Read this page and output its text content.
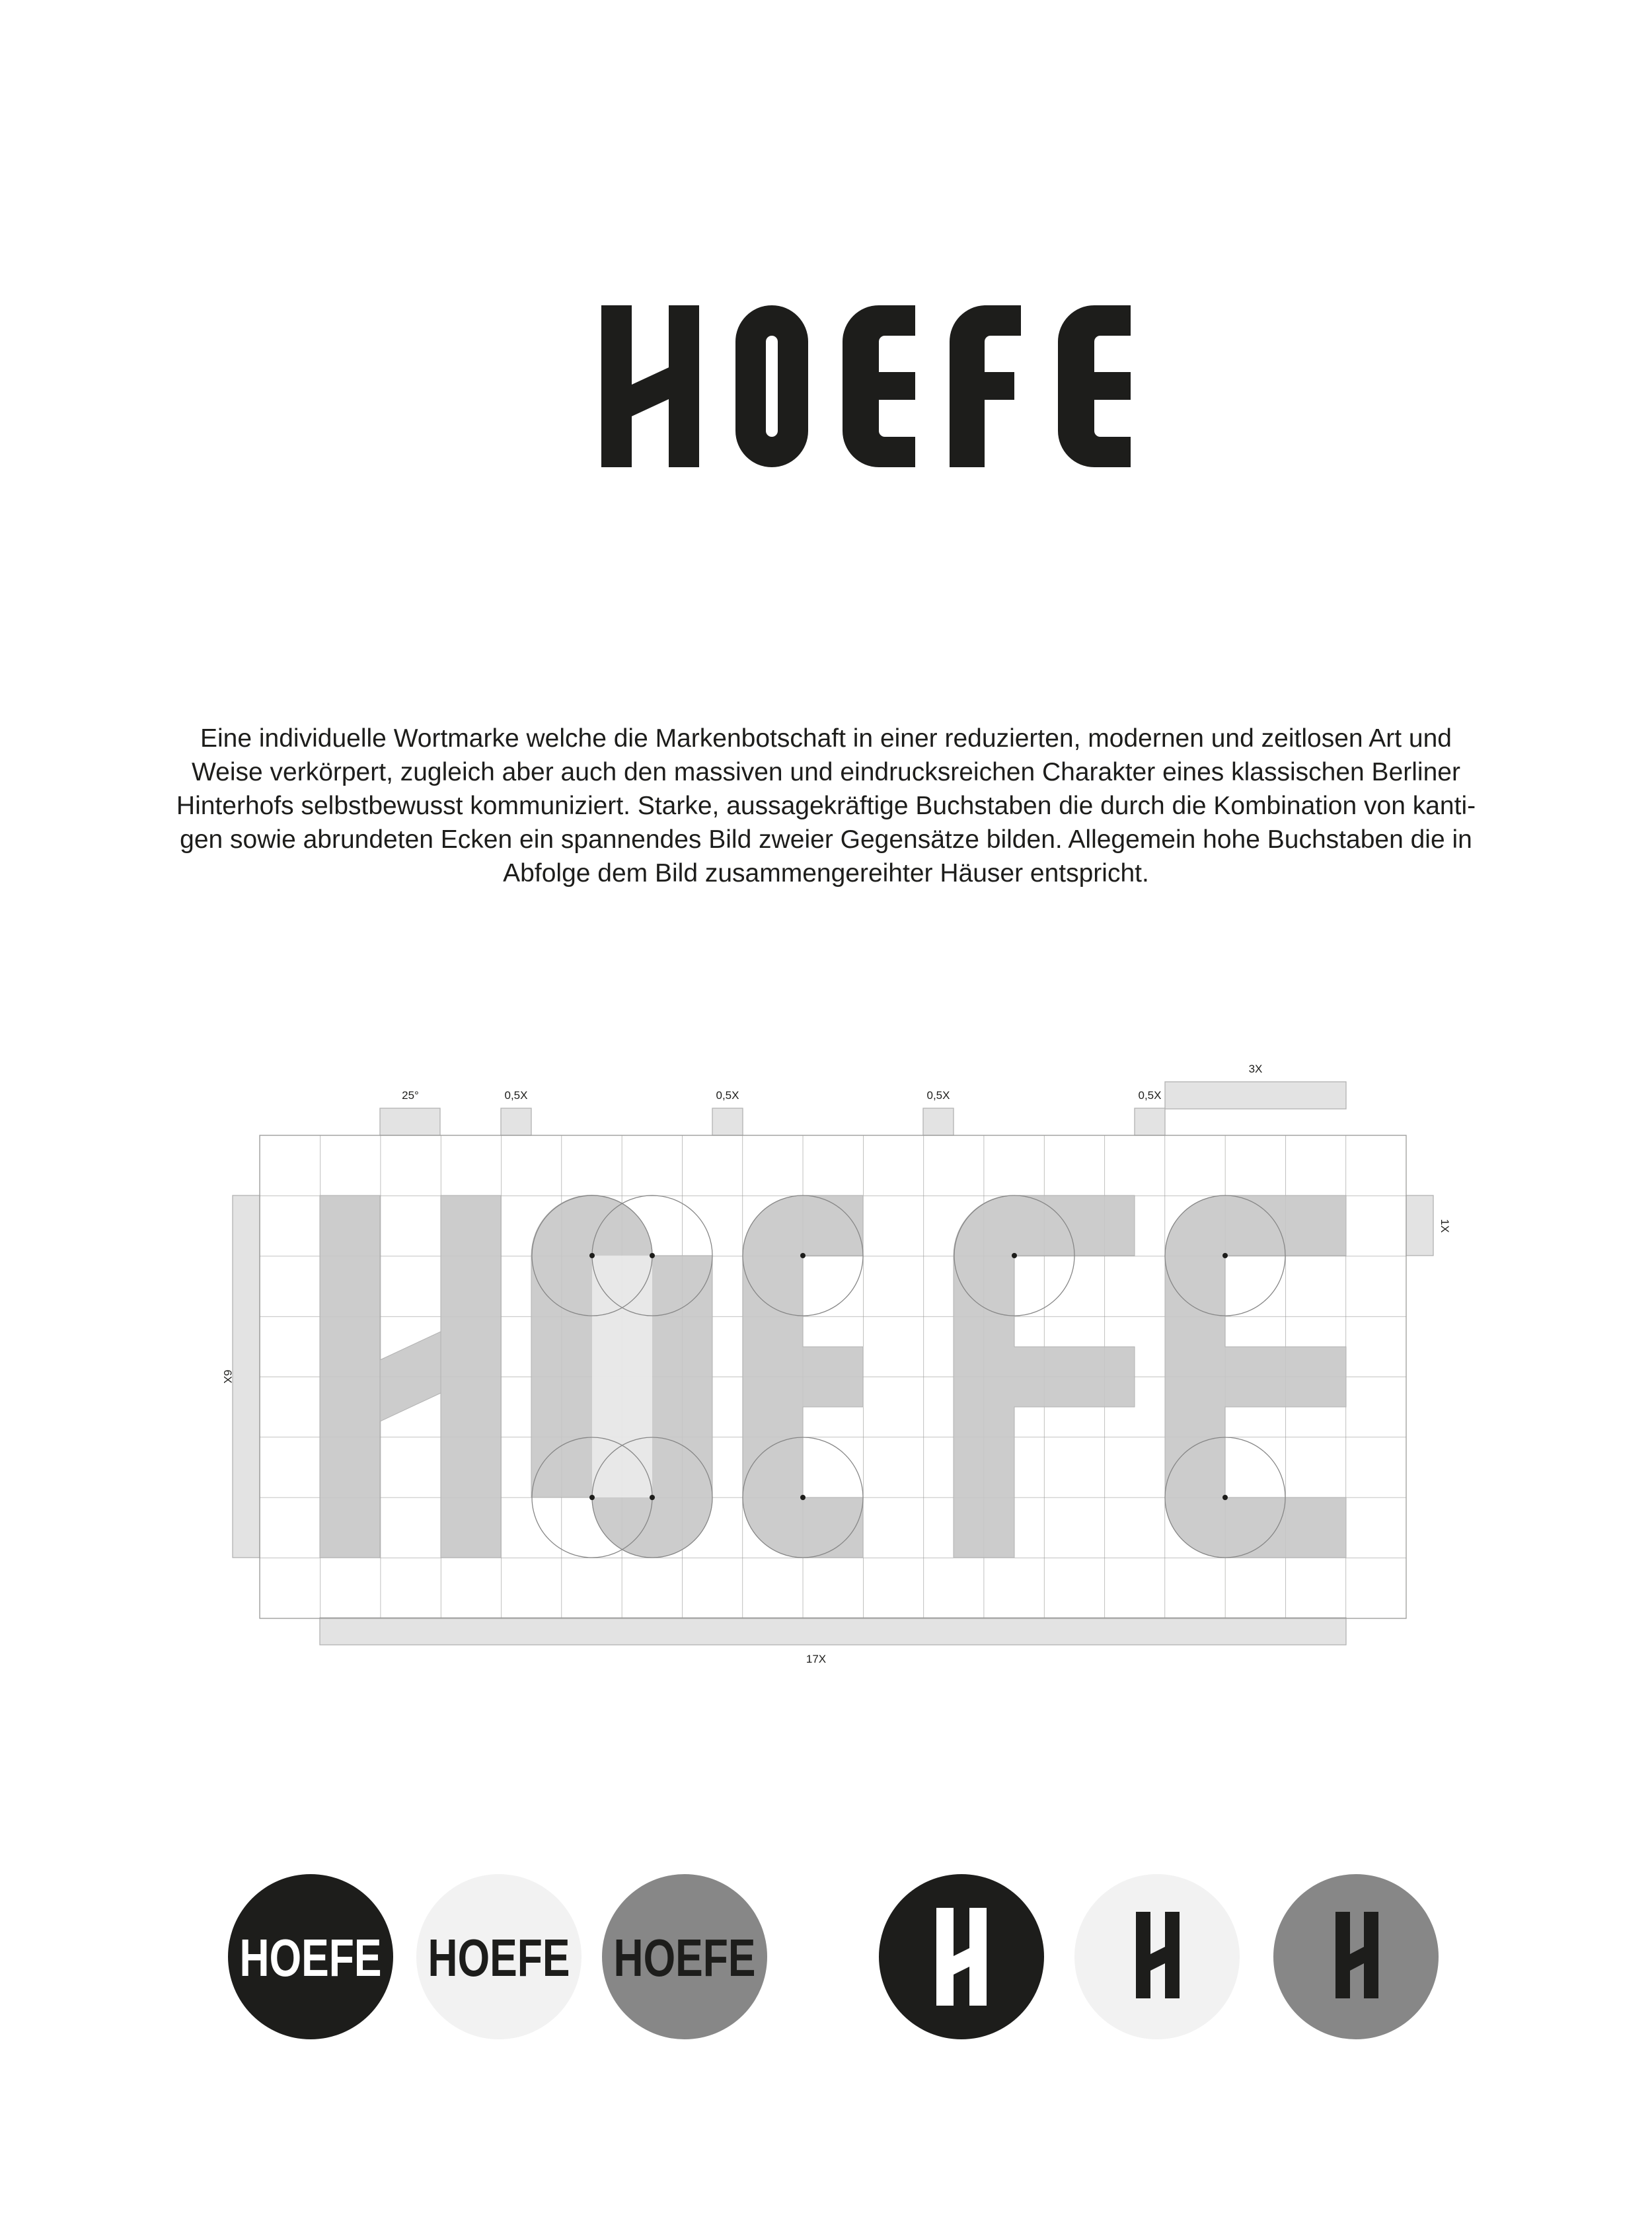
Eine individuelle Wortmarke welche die Markenbotschaft in einer reduzierten, modernen und zeitlosen Art und
Weise verkörpert, zugleich aber auch den massiven und eindrucksreichen Charakter eines klassischen Berliner
Hinterhofs selbstbewusst kommuniziert. Starke, aussagekräftige Buchstaben die durch die Kombination von kanti-
gen sowie abrundeten Ecken ein spannendes Bild zweier Gegensätze bilden. Allegemein hohe Buchstaben die in
Abfolge dem Bild zusammengereihter Häuser entspricht.

3X
25°	0,5X	0,5X	0,5X	0,5X
1X
6X
17X
HOEFE HOEFE HOEFE
